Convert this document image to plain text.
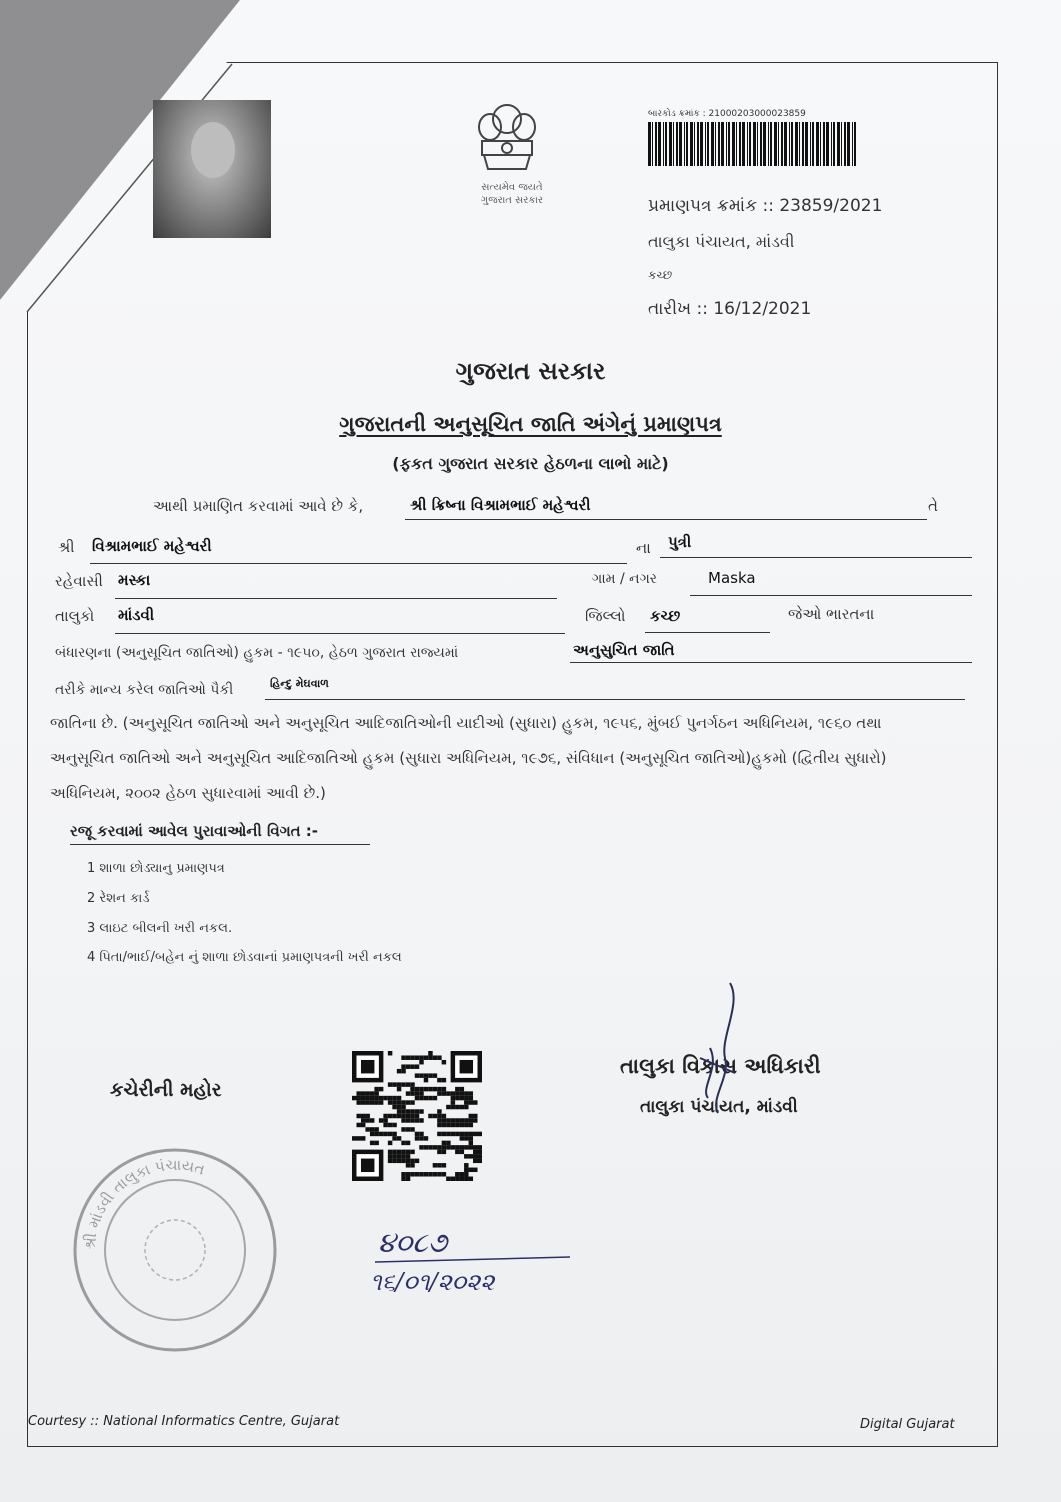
સત્યમેવ જયતે
ગુજરાત સરકાર
બારકોડ ક્રમાંક : 21000203000023859
પ્રમાણપત્ર ક્રમાંક :: 23859/2021
તાલુકા પંચાયત, માંડવી
કચ્છ
તારીખ :: 16/12/2021
ગુજરાત સરકાર
ગુજરાતની અનુસૂચિત જાતિ અંગેનું પ્રમાણપત્ર
(ફકત ગુજરાત સરકાર હેઠળના લાભો માટે)
આથી પ્રમાણિત કરવામાં આવે છે કે,	શ્રી ક્રિષ્ના વિશ્રામભાઈ મહેશ્વરી	તે
શ્રી વિશ્રામભાઈ મહેશ્વરી	ના પુત્રી
રહેવાસી મસ્કા	ગામ / નગર	Maska
તાલુકો માંડવી	જિલ્લો કચ્છ	જેઓ ભારતના
બંધારણના (અનુસૂચિત જાતિઓ) હુકમ - ૧૯૫૦, હેઠળ ગુજરાત રાજ્યમાં	અનુસુચિત જાતિ
તરીકે માન્ય કરેલ જાતિઓ પૈકી	હિન્દુ મેઘવાળ
જાતિના છે. (અનુસૂચિત જાતિઓ અને અનુસૂચિત આદિજાતિઓની યાદીઓ (સુધારા) હુકમ, ૧૯૫૬, મુંબઈ પુનર્ગઠન અધિનિયમ, ૧૯૬૦ તથા
અનુસૂચિત જાતિઓ અને અનુસૂચિત આદિજાતિઓ હુકમ (સુધારા અધિનિયમ, ૧૯૭૬, સંવિધાન (અનુસૂચિત જાતિઓ)હુકમો (દ્વિતીય સુધારો)
અધિનિયમ, ૨૦૦૨ હેઠળ સુધારવામાં આવી છે.)
રજૂ કરવામાં આવેલ પુરાવાઓની વિગત :-
1 શાળા છોડ્યાનુ પ્રમાણપત્ર
2 રેશન કાર્ડ
3 લાઇટ બીલની ખરી નકલ.
4 પિતા/ભાઈ/બહેન નું શાળા છોડવાનાં પ્રમાણપત્રની ખરી નકલ
કચેરીની મહોર
તાલુકા વિકાસ અધિકારી
તાલુકા પંચાયત, માંડવી
શ્રી માંડવી તાલુકા પંચાયત
૪૦૮૭
૧૬/૦૧/૨૦૨૨
Courtesy :: National Informatics Centre, Gujarat	Digital Gujarat
